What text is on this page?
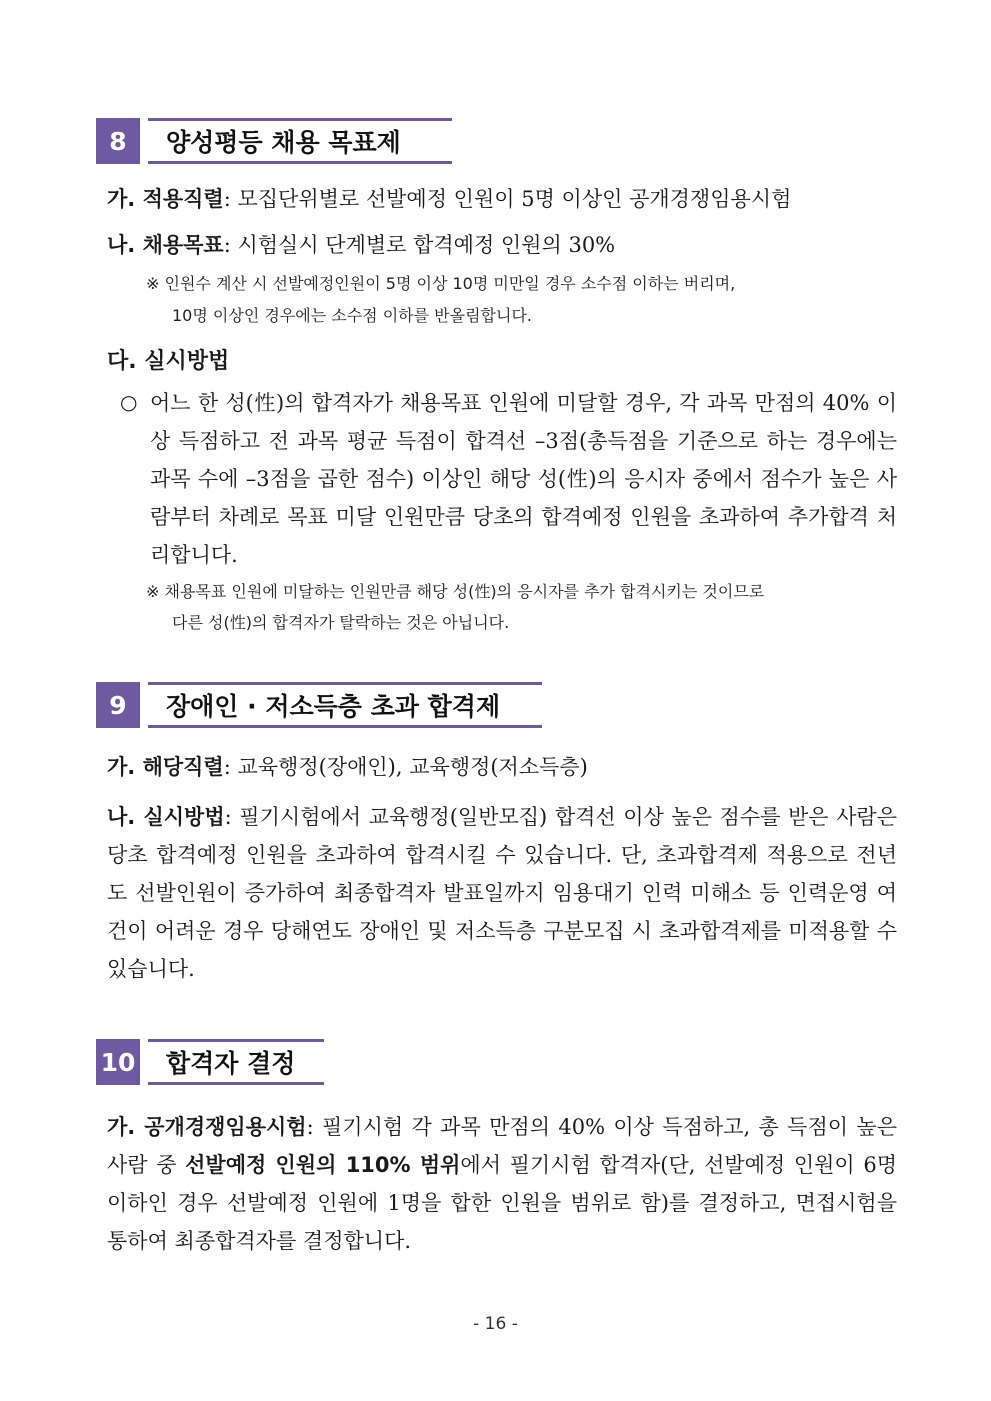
8	양성평등 채용 목표제
가. 적용직렬: 모집단위별로 선발예정 인원이 5명 이상인 공개경쟁임용시험
나. 채용목표: 시험실시 단계별로 합격예정 인원의 30%
※ 인원수 계산 시 선발예정인원이 5명 이상 10명 미만일 경우 소수점 이하는 버리며,
10명 이상인 경우에는 소수점 이하를 반올림합니다.
다. 실시방법
○ 어느 한 성(性)의 합격자가 채용목표 인원에 미달할 경우, 각 과목 만점의 40% 이상 득점하고 전 과목 평균 득점이 합격선 –3점(총득점을 기준으로 하는 경우에는 과목 수에 –3점을 곱한 점수) 이상인 해당 성(性)의 응시자 중에서 점수가 높은 사람부터 차례로 목표 미달 인원만큼 당초의 합격예정 인원을 초과하여 추가합격 처리합니다.
※ 채용목표 인원에 미달하는 인원만큼 해당 성(性)의 응시자를 추가 합격시키는 것이므로
다른 성(性)의 합격자가 탈락하는 것은 아닙니다.
9	장애인 · 저소득층 초과 합격제
가. 해당직렬: 교육행정(장애인), 교육행정(저소득층)
나. 실시방법: 필기시험에서 교육행정(일반모집) 합격선 이상 높은 점수를 받은 사람은 당초 합격예정 인원을 초과하여 합격시킬 수 있습니다. 단, 초과합격제 적용으로 전년도 선발인원이 증가하여 최종합격자 발표일까지 임용대기 인력 미해소 등 인력운영 여건이 어려운 경우 당해연도 장애인 및 저소득층 구분모집 시 초과합격제를 미적용할 수 있습니다.
10	합격자 결정
가. 공개경쟁임용시험: 필기시험 각 과목 만점의 40% 이상 득점하고, 총 득점이 높은 사람 중 선발예정 인원의 110% 범위에서 필기시험 합격자(단, 선발예정 인원이 6명 이하인 경우 선발예정 인원에 1명을 합한 인원을 범위로 함)를 결정하고, 면접시험을 통하여 최종합격자를 결정합니다.
- 16 -
